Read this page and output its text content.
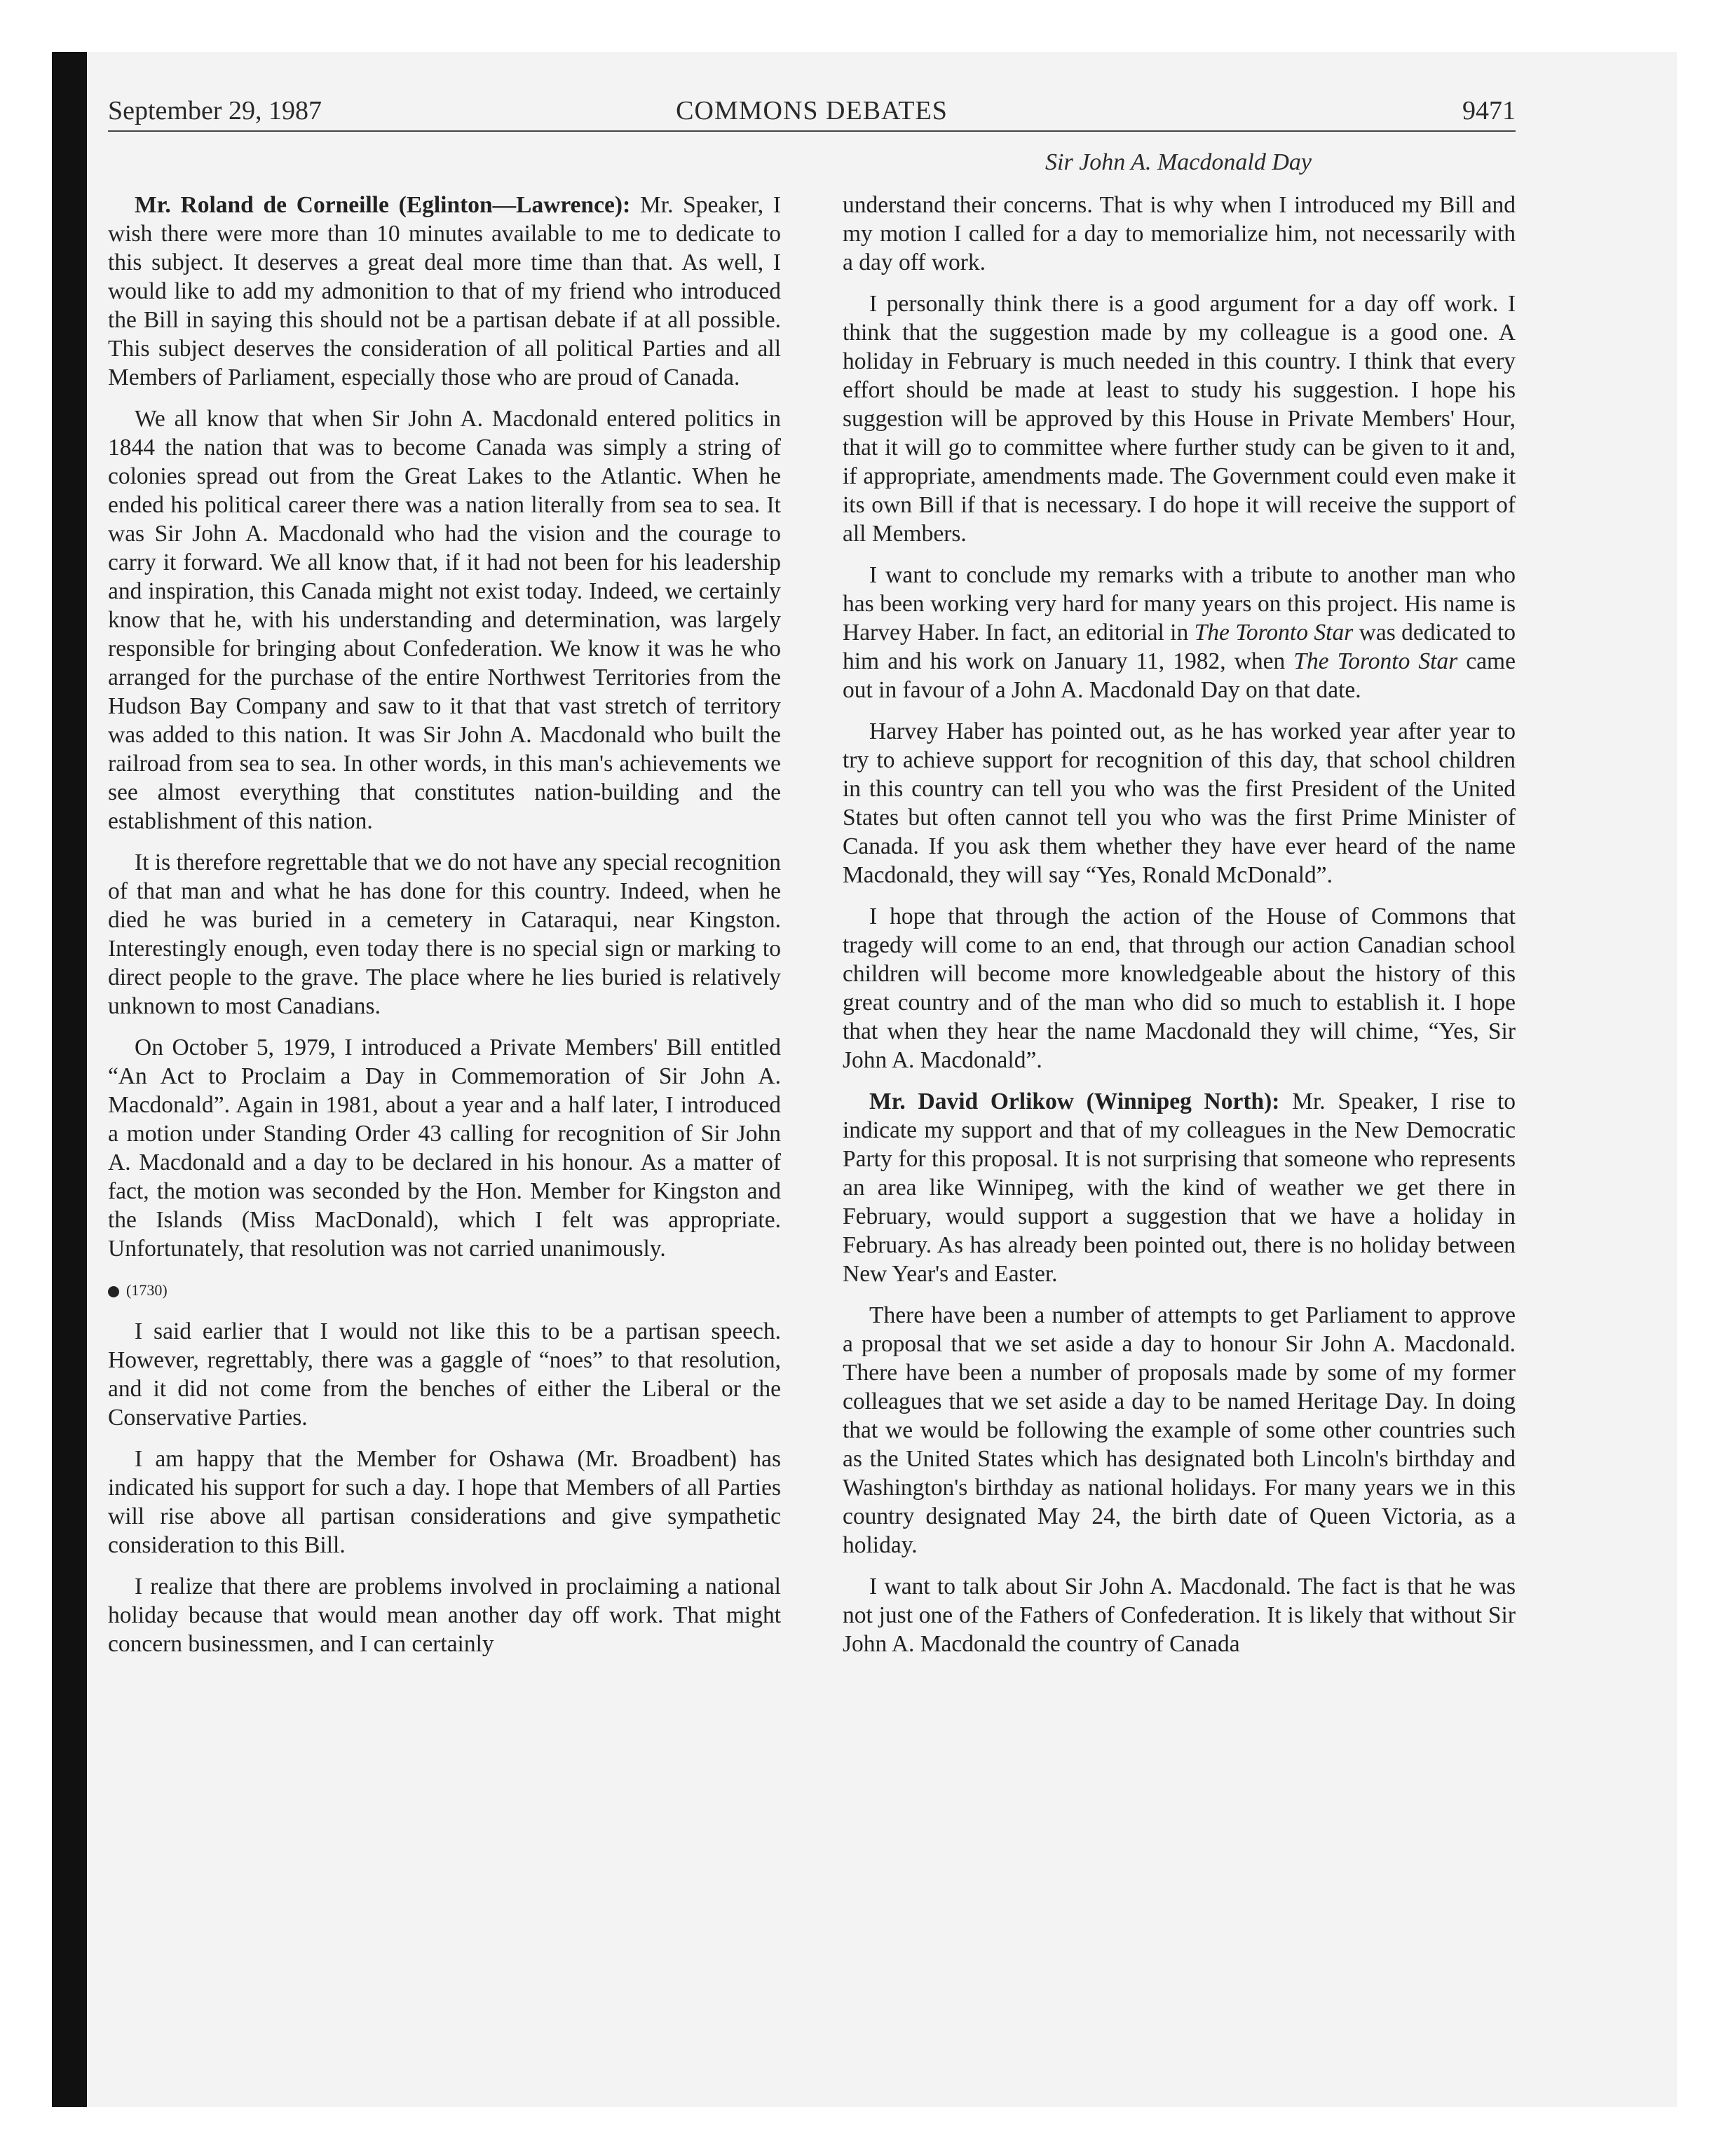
September 29, 1987	COMMONS DEBATES	9471
Sir John A. Macdonald Day

Mr. Roland de Corneille (Eglinton—Lawrence): Mr. Speaker, I wish there were more than 10 minutes available to me to dedicate to this subject. It deserves a great deal more time than that. As well, I would like to add my admonition to that of my friend who introduced the Bill in saying this should not be a partisan debate if at all possible. This subject deserves the consideration of all political Parties and all Members of Parliament, especially those who are proud of Canada.

We all know that when Sir John A. Macdonald entered politics in 1844 the nation that was to become Canada was simply a string of colonies spread out from the Great Lakes to the Atlantic. When he ended his political career there was a nation literally from sea to sea. It was Sir John A. Macdonald who had the vision and the courage to carry it forward. We all know that, if it had not been for his leadership and inspiration, this Canada might not exist today. Indeed, we certainly know that he, with his understanding and determination, was largely responsible for bringing about Confederation. We know it was he who arranged for the purchase of the entire Northwest Territories from the Hudson Bay Company and saw to it that that vast stretch of territory was added to this nation. It was Sir John A. Macdonald who built the railroad from sea to sea. In other words, in this man's achievements we see almost everything that constitutes nation-building and the establishment of this nation.

It is therefore regrettable that we do not have any special recognition of that man and what he has done for this country. Indeed, when he died he was buried in a cemetery in Cataraqui, near Kingston. Interestingly enough, even today there is no special sign or marking to direct people to the grave. The place where he lies buried is relatively unknown to most Canadians.

On October 5, 1979, I introduced a Private Members' Bill entitled “An Act to Proclaim a Day in Commemoration of Sir John A. Macdonald”. Again in 1981, about a year and a half later, I introduced a motion under Standing Order 43 calling for recognition of Sir John A. Macdonald and a day to be declared in his honour. As a matter of fact, the motion was seconded by the Hon. Member for Kingston and the Islands (Miss MacDonald), which I felt was appropriate. Unfortunately, that resolution was not carried unanimously.

(1730)

I said earlier that I would not like this to be a partisan speech. However, regrettably, there was a gaggle of “noes” to that resolution, and it did not come from the benches of either the Liberal or the Conservative Parties.

I am happy that the Member for Oshawa (Mr. Broadbent) has indicated his support for such a day. I hope that Members of all Parties will rise above all partisan considerations and give sympathetic consideration to this Bill.

I realize that there are problems involved in proclaiming a national holiday because that would mean another day off work. That might concern businessmen, and I can certainly

understand their concerns. That is why when I introduced my Bill and my motion I called for a day to memorialize him, not necessarily with a day off work.

I personally think there is a good argument for a day off work. I think that the suggestion made by my colleague is a good one. A holiday in February is much needed in this country. I think that every effort should be made at least to study his suggestion. I hope his suggestion will be approved by this House in Private Members' Hour, that it will go to committee where further study can be given to it and, if appropriate, amendments made. The Government could even make it its own Bill if that is necessary. I do hope it will receive the support of all Members.

I want to conclude my remarks with a tribute to another man who has been working very hard for many years on this project. His name is Harvey Haber. In fact, an editorial in The Toronto Star was dedicated to him and his work on January 11, 1982, when The Toronto Star came out in favour of a John A. Macdonald Day on that date.

Harvey Haber has pointed out, as he has worked year after year to try to achieve support for recognition of this day, that school children in this country can tell you who was the first President of the United States but often cannot tell you who was the first Prime Minister of Canada. If you ask them whether they have ever heard of the name Macdonald, they will say “Yes, Ronald McDonald”.

I hope that through the action of the House of Commons that tragedy will come to an end, that through our action Canadian school children will become more knowledgeable about the history of this great country and of the man who did so much to establish it. I hope that when they hear the name Macdonald they will chime, “Yes, Sir John A. Macdonald”.

Mr. David Orlikow (Winnipeg North): Mr. Speaker, I rise to indicate my support and that of my colleagues in the New Democratic Party for this proposal. It is not surprising that someone who represents an area like Winnipeg, with the kind of weather we get there in February, would support a suggestion that we have a holiday in February. As has already been pointed out, there is no holiday between New Year's and Easter.

There have been a number of attempts to get Parliament to approve a proposal that we set aside a day to honour Sir John A. Macdonald. There have been a number of proposals made by some of my former colleagues that we set aside a day to be named Heritage Day. In doing that we would be following the example of some other countries such as the United States which has designated both Lincoln's birthday and Washington's birthday as national holidays. For many years we in this country designated May 24, the birth date of Queen Victoria, as a holiday.

I want to talk about Sir John A. Macdonald. The fact is that he was not just one of the Fathers of Confederation. It is likely that without Sir John A. Macdonald the country of Canada
